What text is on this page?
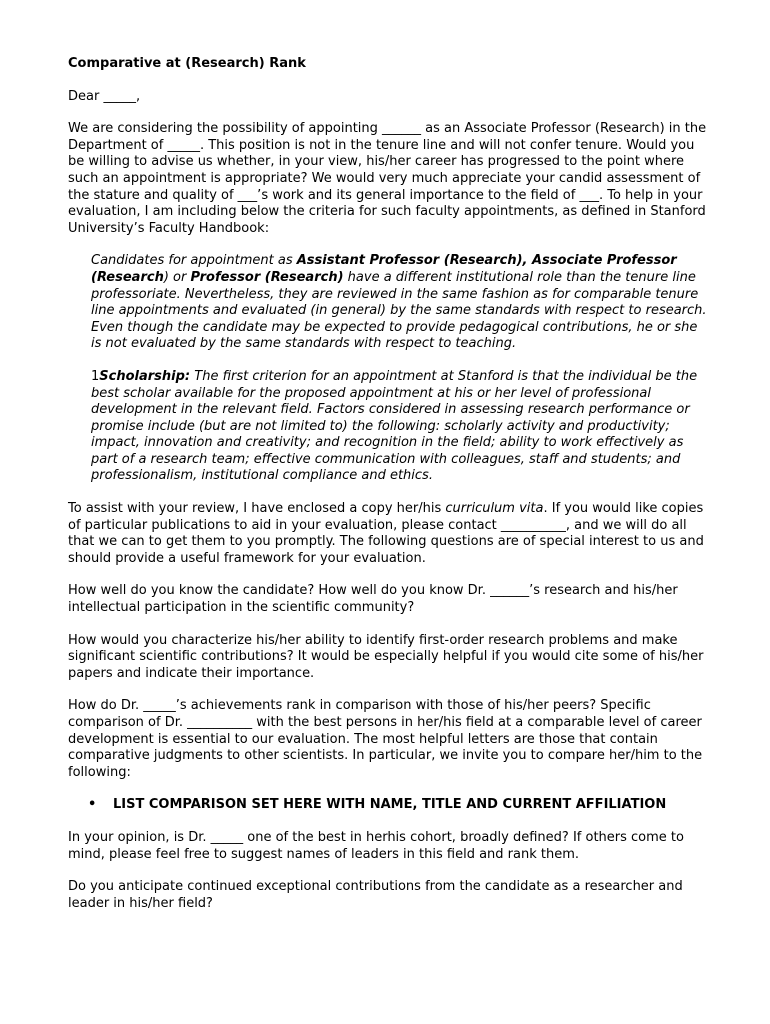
Comparative at (Research) Rank

Dear _____,

We are considering the possibility of appointing ______ as an Associate Professor (Research) in the Department of _____. This position is not in the tenure line and will not confer tenure. Would you be willing to advise us whether, in your view, his/her career has progressed to the point where such an appointment is appropriate? We would very much appreciate your candid assessment of the stature and quality of ___’s work and its general importance to the field of ___. To help in your evaluation, I am including below the criteria for such faculty appointments, as defined in Stanford University’s Faculty Handbook:

Candidates for appointment as Assistant Professor (Research), Associate Professor (Research) or Professor (Research) have a different institutional role than the tenure line professoriate. Nevertheless, they are reviewed in the same fashion as for comparable tenure line appointments and evaluated (in general) by the same standards with respect to research. Even though the candidate may be expected to provide pedagogical contributions, he or she is not evaluated by the same standards with respect to teaching.

1Scholarship: The first criterion for an appointment at Stanford is that the individual be the best scholar available for the proposed appointment at his or her level of professional development in the relevant field. Factors considered in assessing research performance or promise include (but are not limited to) the following: scholarly activity and productivity; impact, innovation and creativity; and recognition in the field; ability to work effectively as part of a research team; effective communication with colleagues, staff and students; and professionalism, institutional compliance and ethics.

To assist with your review, I have enclosed a copy her/his curriculum vita. If you would like copies of particular publications to aid in your evaluation, please contact __________, and we will do all that we can to get them to you promptly. The following questions are of special interest to us and should provide a useful framework for your evaluation.

How well do you know the candidate? How well do you know Dr. ______’s research and his/her intellectual participation in the scientific community?

How would you characterize his/her ability to identify first-order research problems and make significant scientific contributions? It would be especially helpful if you would cite some of his/her papers and indicate their importance.

How do Dr. _____’s achievements rank in comparison with those of his/her peers? Specific comparison of Dr. __________ with the best persons in her/his field at a comparable level of career development is essential to our evaluation. The most helpful letters are those that contain comparative judgments to other scientists. In particular, we invite you to compare her/him to the following:

• LIST COMPARISON SET HERE WITH NAME, TITLE AND CURRENT AFFILIATION

In your opinion, is Dr. _____ one of the best in herhis cohort, broadly defined? If others come to mind, please feel free to suggest names of leaders in this field and rank them.

Do you anticipate continued exceptional contributions from the candidate as a researcher and leader in his/her field?
